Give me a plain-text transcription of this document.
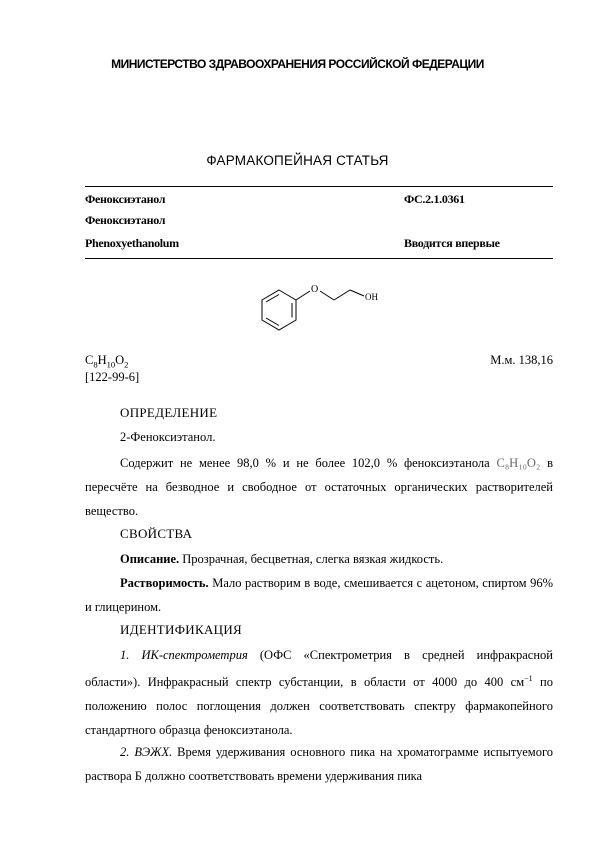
МИНИСТЕРСТВО ЗДРАВООХРАНЕНИЯ РОССИЙСКОЙ ФЕДЕРАЦИИ
ФАРМАКОПЕЙНАЯ СТАТЬЯ
Феноксиэтанол	ФС.2.1.0361
Феноксиэтанол
Phenoxyethanolum	Вводится впервые
O
OH
$C_8H_{10}O_2$
[122-99-6]
М.м. 138,16
ОПРЕДЕЛЕНИЕ
2-Феноксиэтанол.
Содержит не менее 98,0 % и не более 102,0 % феноксиэтанола C₈H₁₀O₂ в пересчёте на безводное и свободное от остаточных органических растворителей вещество.
СВОЙСТВА
Описание. Прозрачная, бесцветная, слегка вязкая жидкость.
Растворимость. Мало растворим в воде, смешивается с ацетоном, спиртом 96% и глицерином.
ИДЕНТИФИКАЦИЯ
1. ИК-спектрометрия (ОФС «Спектрометрия в средней инфракрасной области»). Инфракрасный спектр субстанции, в области от 4000 до 400 $см^{-1}$ по положению полос поглощения должен соответствовать спектру фармакопейного стандартного образца феноксиэтанола.
2. ВЭЖХ. Время удерживания основного пика на хроматограмме испытуемого раствора Б должно соответствовать времени удерживания пика
